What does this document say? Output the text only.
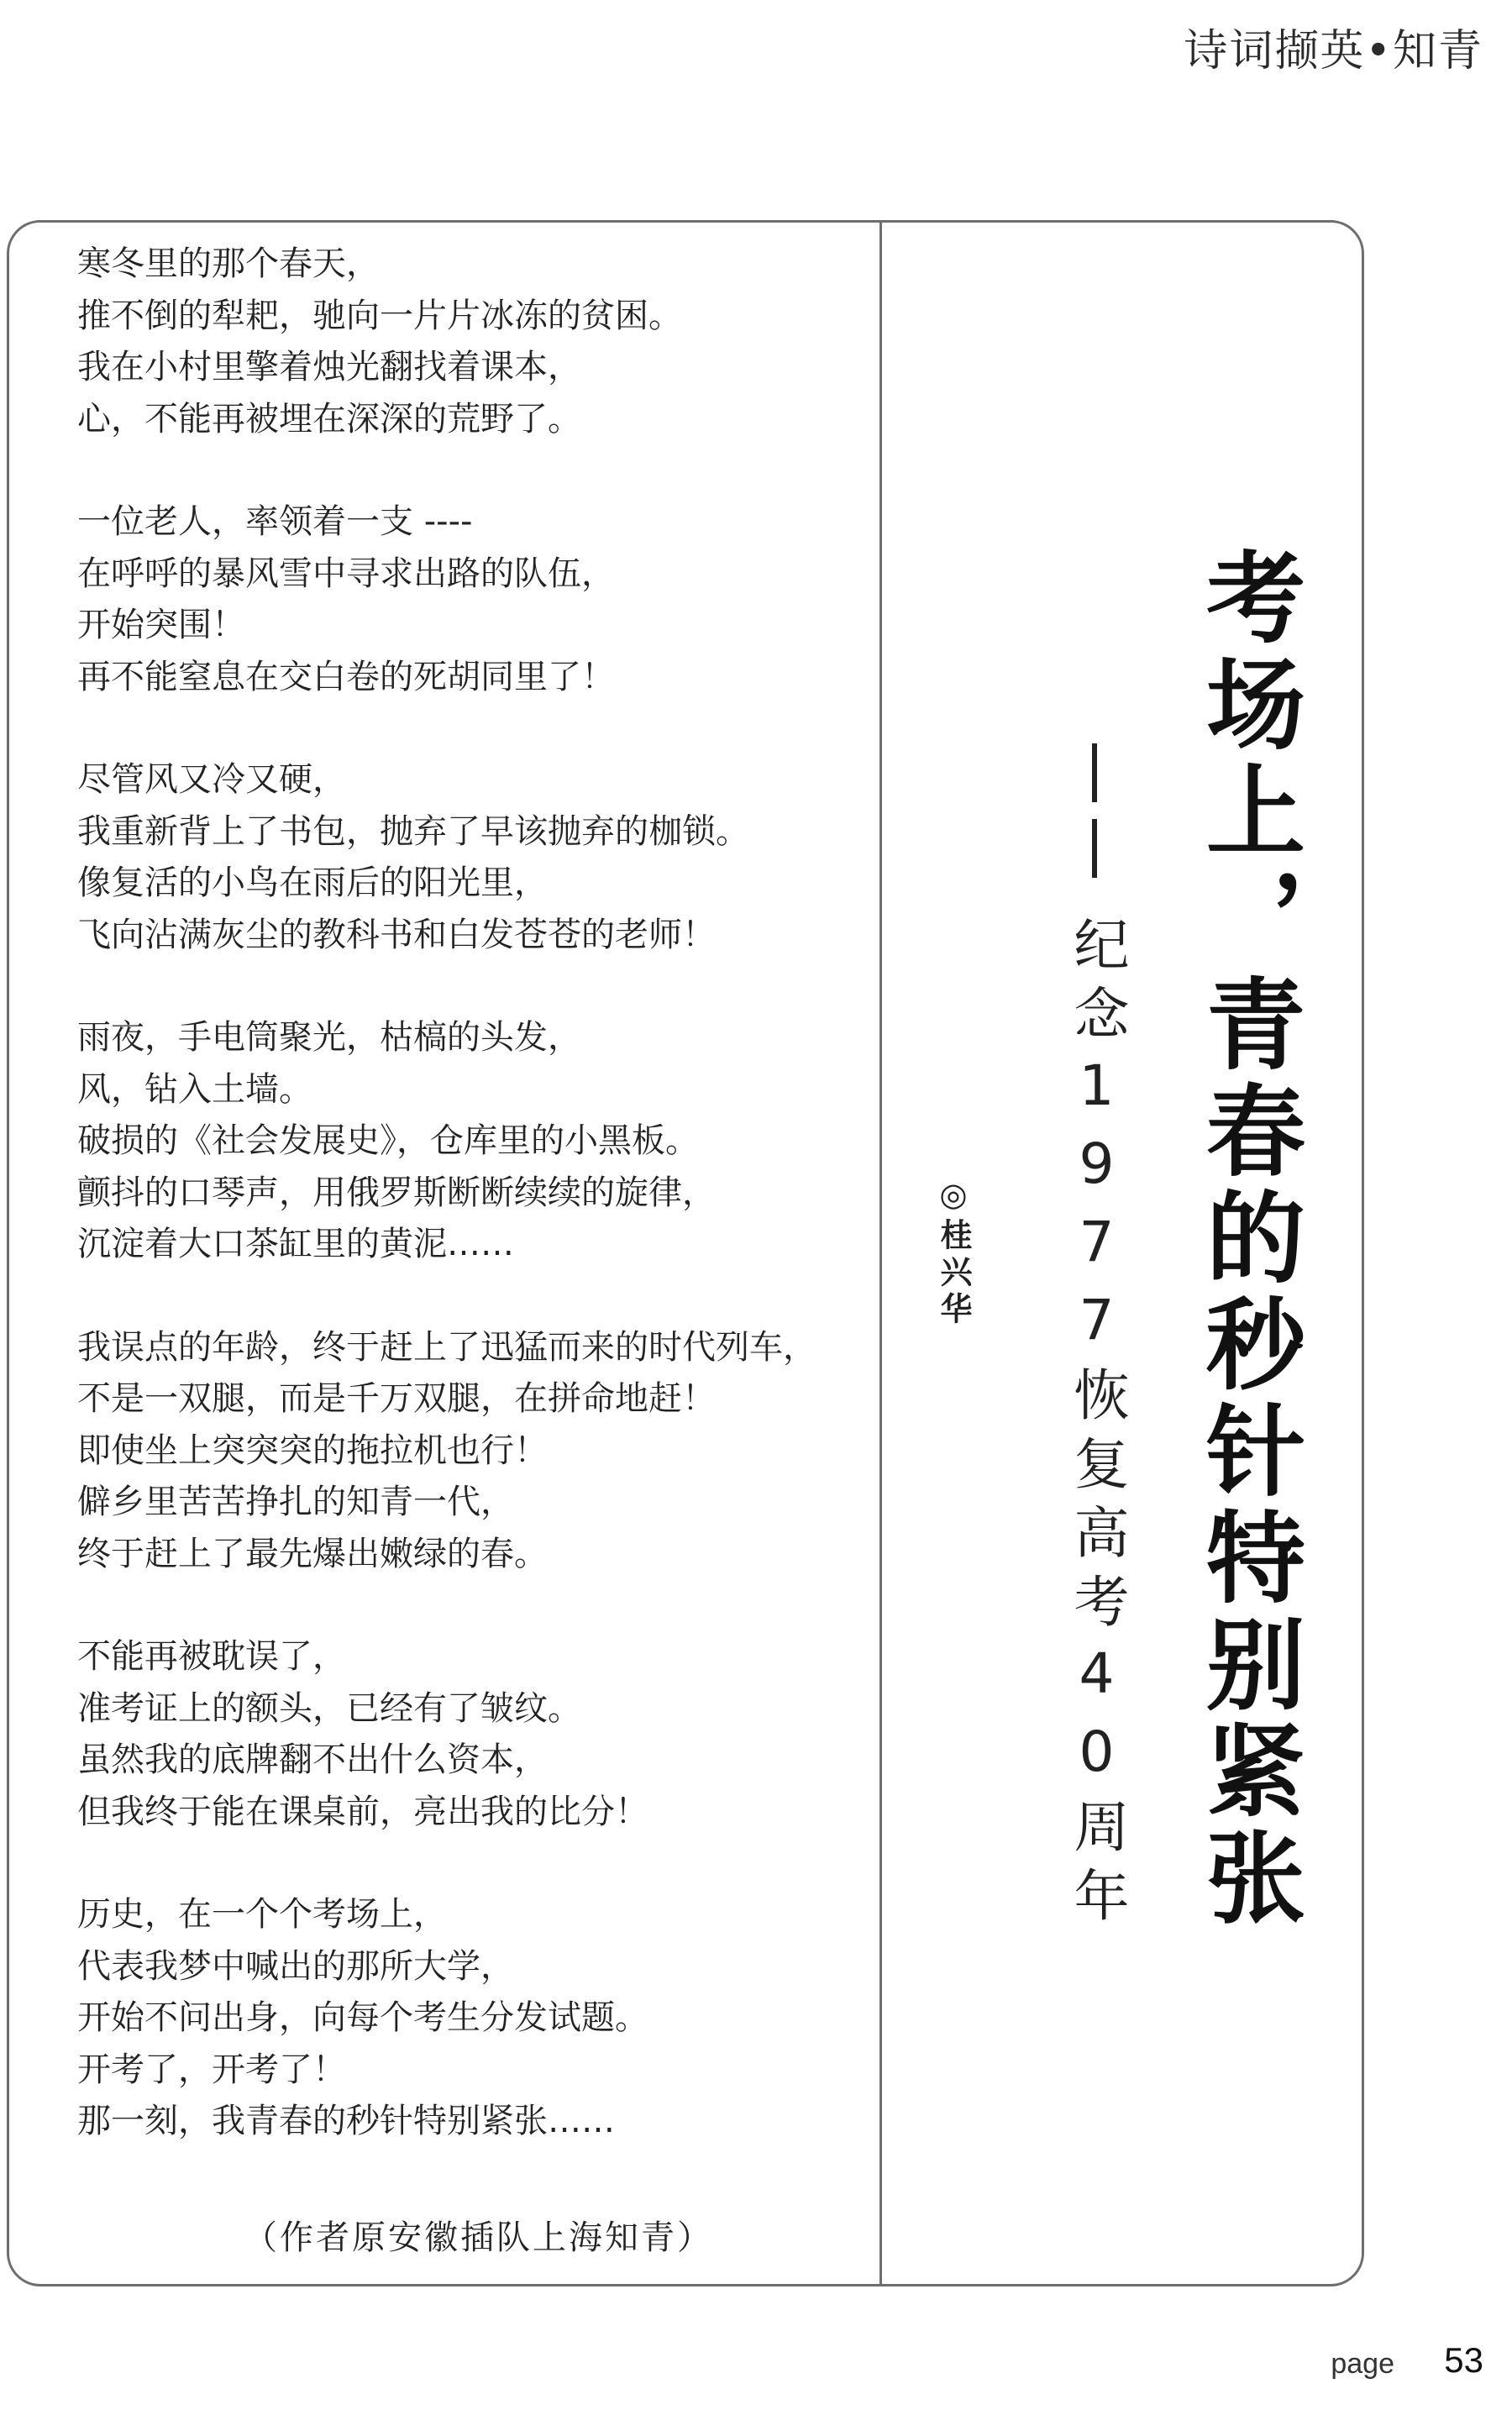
诗词撷英•知青
寒冬里的那个春天，
推不倒的犁耙，驰向一片片冰冻的贫困。
我在小村里擎着烛光翻找着课本，
心，不能再被埋在深深的荒野了。
一位老人，率领着一支 ----
在呼呼的暴风雪中寻求出路的队伍，
开始突围！
再不能窒息在交白卷的死胡同里了！
尽管风又冷又硬，
我重新背上了书包，抛弃了早该抛弃的枷锁。
像复活的小鸟在雨后的阳光里，
飞向沾满灰尘的教科书和白发苍苍的老师！
雨夜，手电筒聚光，枯槁的头发，
风，钻入土墙。
破损的《社会发展史》，仓库里的小黑板。
颤抖的口琴声，用俄罗斯断断续续的旋律，
沉淀着大口茶缸里的黄泥……
我误点的年龄，终于赶上了迅猛而来的时代列车，
不是一双腿，而是千万双腿，在拼命地赶！
即使坐上突突突的拖拉机也行！
僻乡里苦苦挣扎的知青一代，
终于赶上了最先爆出嫩绿的春。
不能再被耽误了，
准考证上的额头，已经有了皱纹。
虽然我的底牌翻不出什么资本，
但我终于能在课桌前，亮出我的比分！
历史，在一个个考场上，
代表我梦中喊出的那所大学，
开始不问出身，向每个考生分发试题。
开考了，开考了！
那一刻，我青春的秒针特别紧张……
（作者原安徽插队上海知青）
考场上，青春的秒针特别紧张
纪念1977恢复高考40周年
◎桂兴华
page 53
